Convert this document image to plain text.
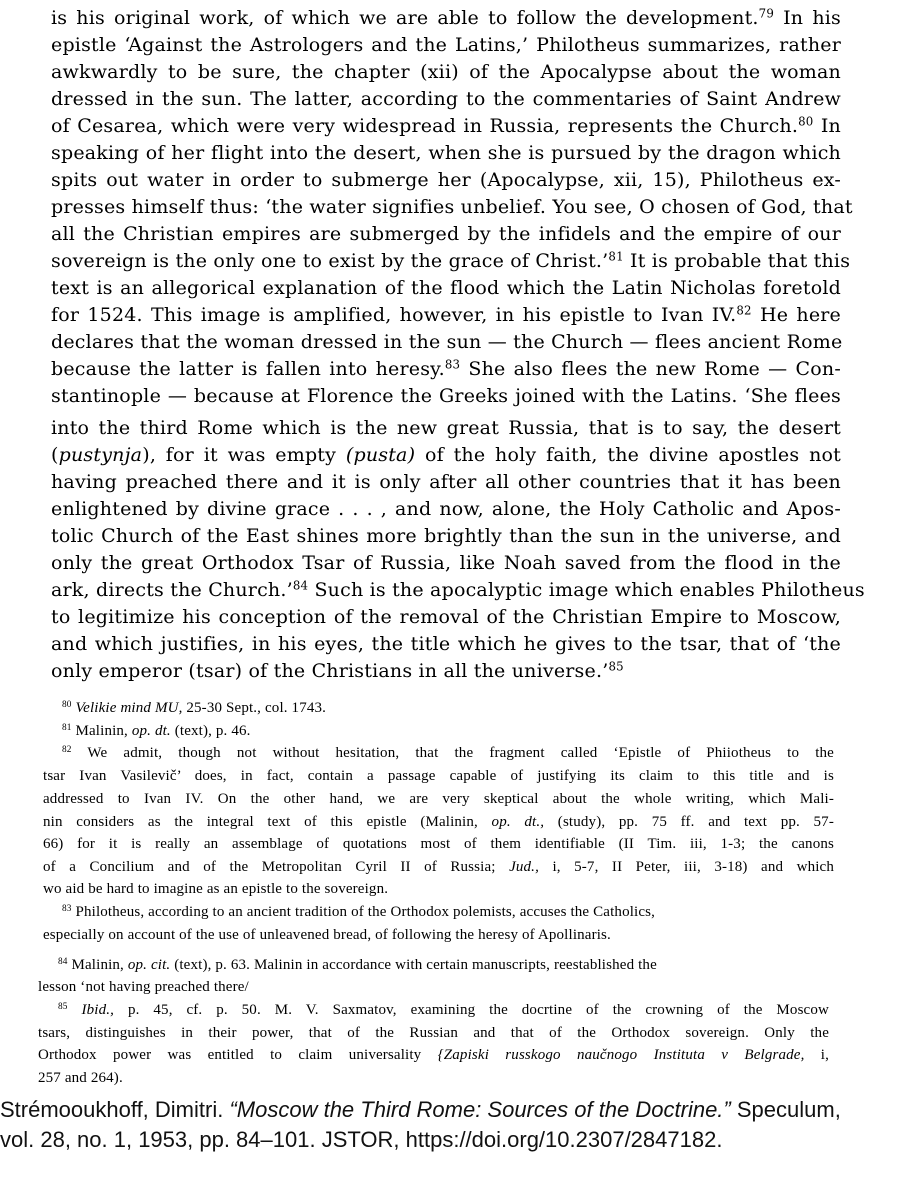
is his original work, of which we are able to follow the development.$^{79}$ In his
epistle ‘Against the Astrologers and the Latins,’ Philotheus summarizes, rather
awkwardly to be sure, the chapter (xii) of the Apocalypse about the woman
dressed in the sun. The latter, according to the commentaries of Saint Andrew
of Cesarea, which were very widespread in Russia, represents the Church.$^{80}$ In
speaking of her flight into the desert, when she is pursued by the dragon which
spits out water in order to submerge her (Apocalypse, xii, 15), Philotheus ex-
presses himself thus: ‘the water signifies unbelief. You see, O chosen of God, that
all the Christian empires are submerged by the infidels and the empire of our
sovereign is the only one to exist by the grace of Christ.’$^{81}$ It is probable that this
text is an allegorical explanation of the flood which the Latin Nicholas foretold
for 1524. This image is amplified, however, in his epistle to Ivan IV.$^{82}$ He here
declares that the woman dressed in the sun — the Church — flees ancient Rome
because the latter is fallen into heresy.$^{83}$ She also flees the new Rome — Con-
stantinople — because at Florence the Greeks joined with the Latins. ‘She flees
into the third Rome which is the new great Russia, that is to say, the desert
(pustynja), for it was empty (pusta) of the holy faith, the divine apostles not
having preached there and it is only after all other countries that it has been
enlightened by divine grace . . . , and now, alone, the Holy Catholic and Apos-
tolic Church of the East shines more brightly than the sun in the universe, and
only the great Orthodox Tsar of Russia, like Noah saved from the flood in the
ark, directs the Church.’$^{84}$ Such is the apocalyptic image which enables Philotheus
to legitimize his conception of the removal of the Christian Empire to Moscow,
and which justifies, in his eyes, the title which he gives to the tsar, that of ‘the
only emperor (tsar) of the Christians in all the universe.’$^{85}$
$^{80}$ Velikie mind MU, 25-30 Sept., col. 1743.
$^{81}$ Malinin, op. dt. (text), p. 46.
$^{82}$ We admit, though not without hesitation, that the fragment called ‘Epistle of Phiiotheus to the
tsar Ivan Vasilevič’ does, in fact, contain a passage capable of justifying its claim to this title and is
addressed to Ivan IV. On the other hand, we are very skeptical about the whole writing, which Mali-
nin considers as the integral text of this epistle (Malinin, op. dt., (study), pp. 75 ff. and text pp. 57-
66) for it is really an assemblage of quotations most of them identifiable (II Tim. iii, 1-3; the canons
of a Concilium and of the Metropolitan Cyril II of Russia; Jud., i, 5-7, II Peter, iii, 3-18) and which
wo aid be hard to imagine as an epistle to the sovereign.
$^{83}$ Philotheus, according to an ancient tradition of the Orthodox polemists, accuses the Catholics,
especially on account of the use of unleavened bread, of following the heresy of Apollinaris.
$^{84}$ Malinin, op. cit. (text), p. 63. Malinin in accordance with certain manuscripts, reestablished the
lesson ‘not having preached there/
$^{85}$ Ibid., p. 45, cf. p. 50. M. V. Saxmatov, examining the docrtine of the crowning of the Moscow
tsars, distinguishes in their power, that of the Russian and that of the Orthodox sovereign. Only the
Orthodox power was entitled to claim universality {Zapiski russkogo naučnogo Instituta v Belgrade, i,
257 and 264).
Strémooukhoff, Dimitri. “Moscow the Third Rome: Sources of the Doctrine.” Speculum,
vol. 28, no. 1, 1953, pp. 84–101. JSTOR, https://doi.org/10.2307/2847182.
